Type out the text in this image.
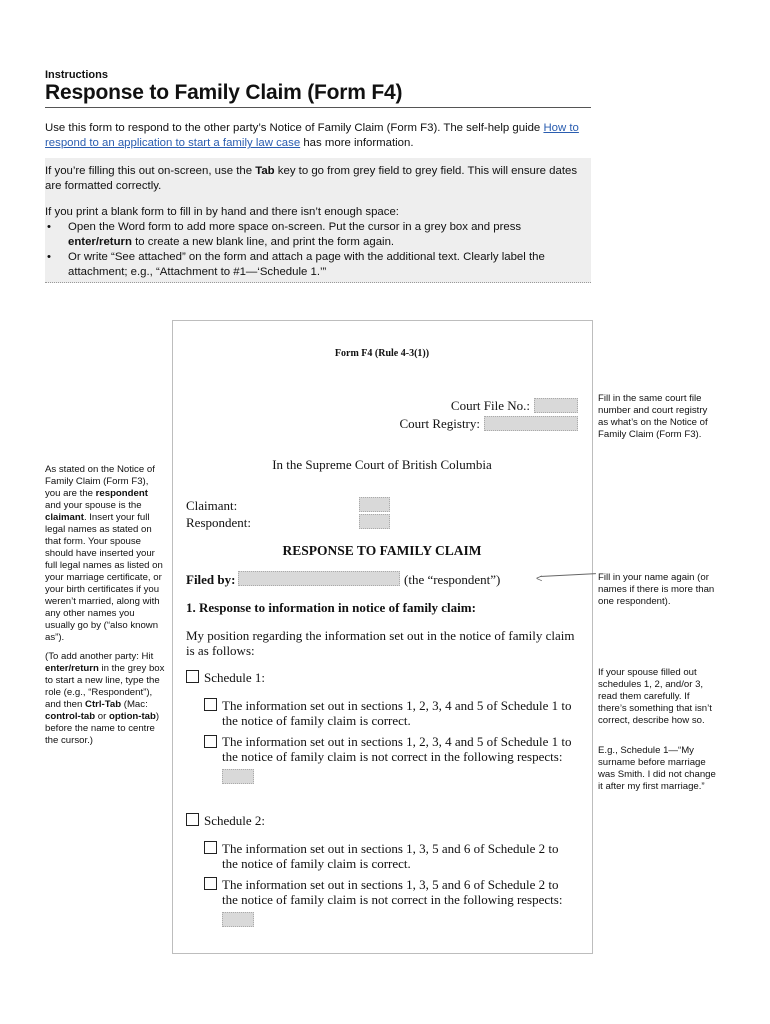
Instructions
Response to Family Claim (Form F4)
Use this form to respond to the other party’s Notice of Family Claim (Form F3). The self-help guide How to respond to an application to start a family law case has more information.
If you’re filling this out on-screen, use the Tab key to go from grey field to grey field. This will ensure dates are formatted correctly.
If you print a blank form to fill in by hand and there isn’t enough space:
• Open the Word form to add more space on-screen. Put the cursor in a grey box and press enter/return to create a new blank line, and print the form again.
• Or write “See attached” on the form and attach a page with the additional text. Clearly label the attachment; e.g., “Attachment to #1—‘Schedule 1.’”
Form F4 (Rule 4-3(1))
Court File No.:
Court Registry:
In the Supreme Court of British Columbia
Claimant:
Respondent:
RESPONSE TO FAMILY CLAIM
Filed by:	(the “respondent”)
1. Response to information in notice of family claim:
My position regarding the information set out in the notice of family claim is as follows:
Schedule 1:
The information set out in sections 1, 2, 3, 4 and 5 of Schedule 1 to the notice of family claim is correct.
The information set out in sections 1, 2, 3, 4 and 5 of Schedule 1 to the notice of family claim is not correct in the following respects:
Schedule 2:
The information set out in sections 1, 3, 5 and 6 of Schedule 2 to the notice of family claim is correct.
The information set out in sections 1, 3, 5 and 6 of Schedule 2 to the notice of family claim is not correct in the following respects:
Fill in the same court file number and court registry as what’s on the Notice of Family Claim (Form F3).
<	Fill in your name again (or names if there is more than one respondent).
If your spouse filled out schedules 1, 2, and/or 3, read them carefully. If there’s something that isn’t correct, describe how so.
E.g., Schedule 1—“My surname before marriage was Smith. I did not change it after my first marriage.”
As stated on the Notice of Family Claim (Form F3), you are the respondent and your spouse is the claimant. Insert your full legal names as stated on that form. Your spouse should have inserted your full legal names as listed on your marriage certificate, or your birth certificates if you weren’t married, along with any other names you usually go by (“also known as”).
(To add another party: Hit enter/return in the grey box to start a new line, type the role (e.g., “Respondent”), and then Ctrl-Tab (Mac: control-tab or option-tab) before the name to centre the cursor.)
